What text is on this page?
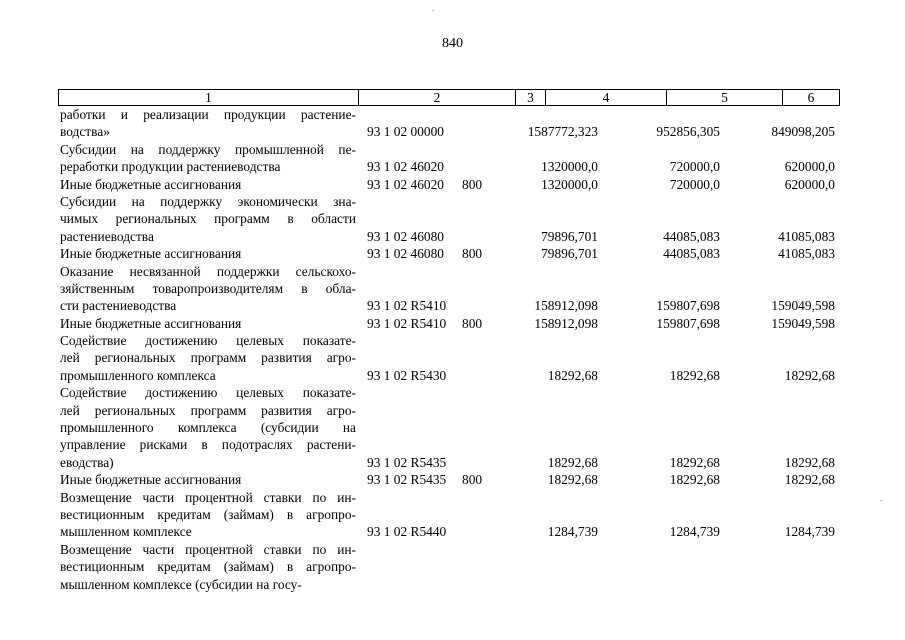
840
1	2	3	4	5	6
работки и реализации продукции растение-
водства»	93 1 02 00000	1587772,323	952856,305	849098,205
Субсидии на поддержку промышленной пе-
реработки продукции растениеводства	93 1 02 46020	1320000,0	720000,0	620000,0
Иные бюджетные ассигнования	93 1 02 46020 800	1320000,0	720000,0	620000,0
Субсидии на поддержку экономически зна-
чимых региональных программ в области
растениеводства	93 1 02 46080	79896,701	44085,083	41085,083
Иные бюджетные ассигнования	93 1 02 46080 800	79896,701	44085,083	41085,083
Оказание несвязанной поддержки сельскохо-
зяйственным товаропроизводителям в обла-
сти растениеводства	93 1 02 R5410	158912,098	159807,698	159049,598
Иные бюджетные ассигнования	93 1 02 R5410 800	158912,098	159807,698	159049,598
Содействие достижению целевых показате-
лей региональных программ развития агро-
промышленного комплекса	93 1 02 R5430	18292,68	18292,68	18292,68
Содействие достижению целевых показате-
лей региональных программ развития агро-
промышленного комплекса (субсидии на
управление рисками в подотраслях растени-
еводства)	93 1 02 R5435	18292,68	18292,68	18292,68
Иные бюджетные ассигнования	93 1 02 R5435 800	18292,68	18292,68	18292,68
Возмещение части процентной ставки по ин-
вестиционным кредитам (займам) в агропро-
мышленном комплексе	93 1 02 R5440	1284,739	1284,739	1284,739
Возмещение части процентной ставки по ин-
вестиционным кредитам (займам) в агропро-
мышленном комплексе (субсидии на госу-
